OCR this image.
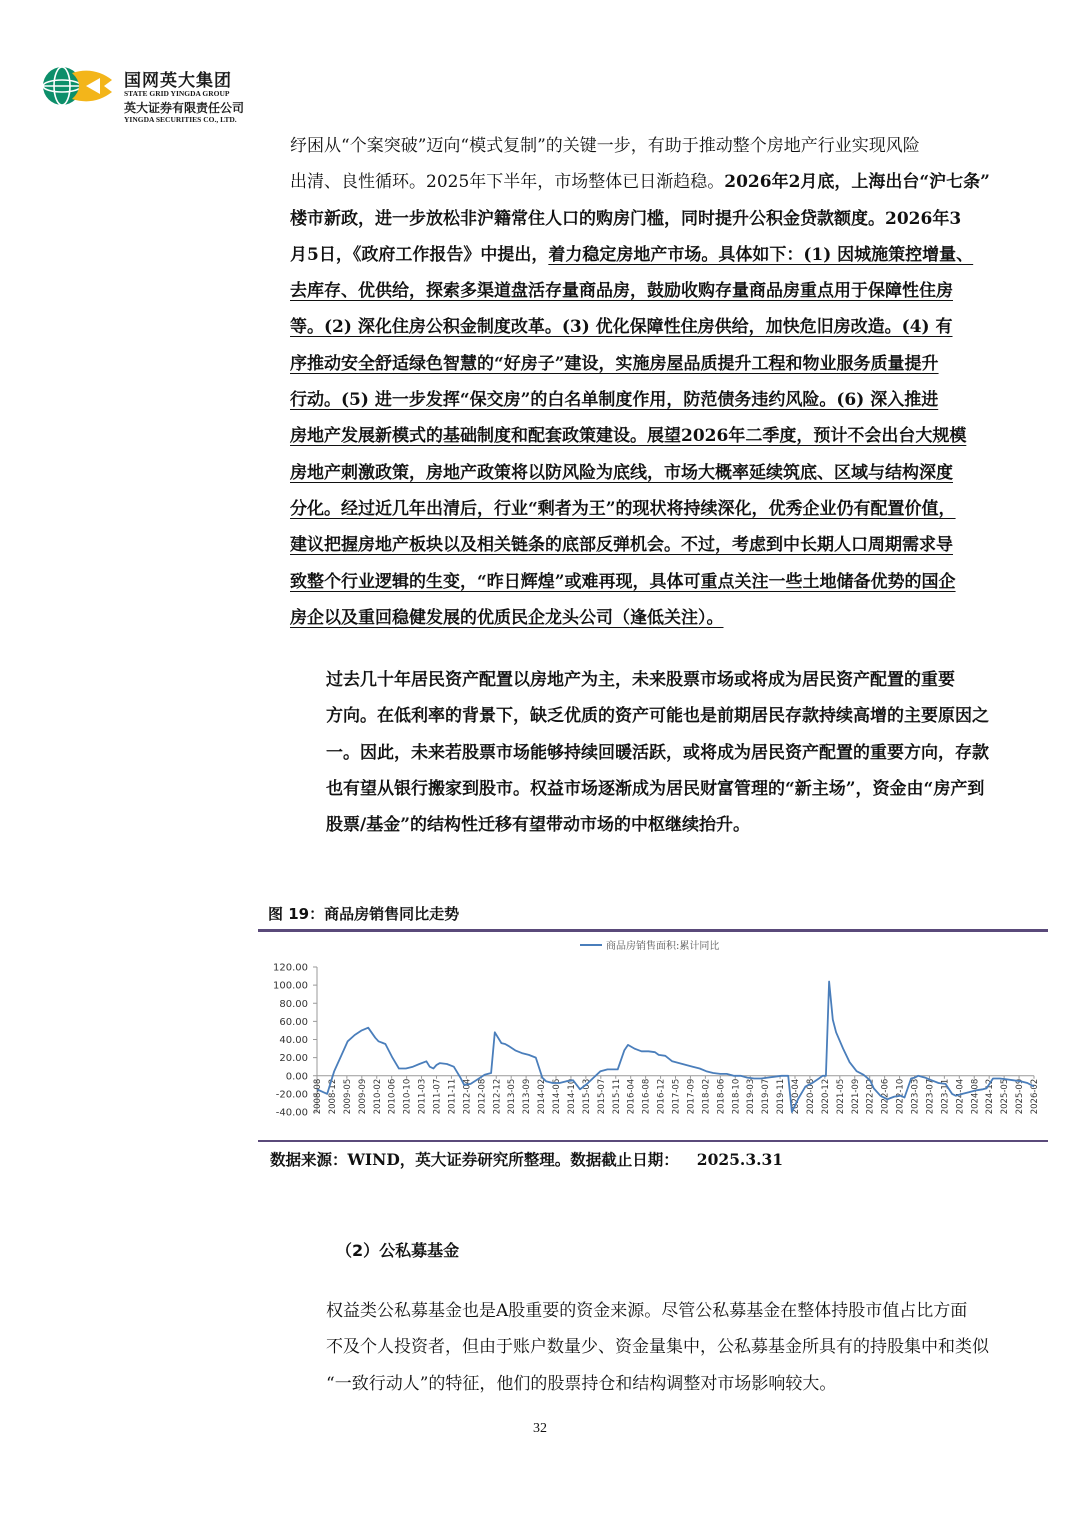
国网英大集团
STATE GRID YINGDA GROUP
英大证券有限责任公司
YINGDA SECURITIES CO., LTD.
纾困从“个案突破”迈向“模式复制”的关键一步，有助于推动整个房地产行业实现风险
出清、良性循环。2025年下半年，市场整体已日渐趋稳。2026年2月底，上海出台“沪七条”
楼市新政，进一步放松非沪籍常住人口的购房门槛，同时提升公积金贷款额度。2026年3
月5日，《政府工作报告》中提出，着力稳定房地产市场。具体如下：(1) 因城施策控增量、
去库存、优供给，探索多渠道盘活存量商品房，鼓励收购存量商品房重点用于保障性住房
等。(2) 深化住房公积金制度改革。(3) 优化保障性住房供给，加快危旧房改造。(4) 有
序推动安全舒适绿色智慧的“好房子”建设，实施房屋品质提升工程和物业服务质量提升
行动。(5) 进一步发挥“保交房”的白名单制度作用，防范债务违约风险。(6) 深入推进
房地产发展新模式的基础制度和配套政策建设。展望2026年二季度，预计不会出台大规模
房地产刺激政策，房地产政策将以防风险为底线，市场大概率延续筑底、区域与结构深度
分化。经过近几年出清后，行业“剩者为王”的现状将持续深化，优秀企业仍有配置价值，
建议把握房地产板块以及相关链条的底部反弹机会。不过，考虑到中长期人口周期需求导
致整个行业逻辑的生变，“昨日辉煌”或难再现，具体可重点关注一些土地储备优势的国企
房企以及重回稳健发展的优质民企龙头公司（逢低关注）。
过去几十年居民资产配置以房地产为主，未来股票市场或将成为居民资产配置的重要
方向。在低利率的背景下，缺乏优质的资产可能也是前期居民存款持续高增的主要原因之
一。因此，未来若股票市场能够持续回暖活跃，或将成为居民资产配置的重要方向，存款
也有望从银行搬家到股市。权益市场逐渐成为居民财富管理的“新主场”，资金由“房产到
股票/基金”的结构性迁移有望带动市场的中枢继续抬升。
图 19：商品房销售同比走势
商品房销售面积:累计同比
120.00
100.00
80.00
60.00
40.00
20.00
0.00
-20.00
-40.00 2008-08 2008-12 2009-05 2009-09 2010-02 2010-06 2010-10 2011-03 2011-07 2011-11 2012-04 2012-08 2012-12 2013-05 2013-09 2014-02 2014-06 2014-10 2015-03 2015-07 2015-11 2016-04 2016-08 2016-12 2017-05 2017-09 2018-02 2018-06 2018-10 2019-03 2019-07 2019-11 2020-04 2020-08 2020-12 2021-05 2021-09 2022-02 2022-06 2022-10 2023-03 2023-07 2023-11 2024-04 2024-08 2024-12 2025-05 2025-09 2026-02
数据来源：WIND，英大证券研究所整理。数据截止日期： 2025.3.31
（2）公私募基金
权益类公私募基金也是A股重要的资金来源。尽管公私募基金在整体持股市值占比方面
不及个人投资者，但由于账户数量少、资金量集中，公私募基金所具有的持股集中和类似
“一致行动人”的特征，他们的股票持仓和结构调整对市场影响较大。
32
